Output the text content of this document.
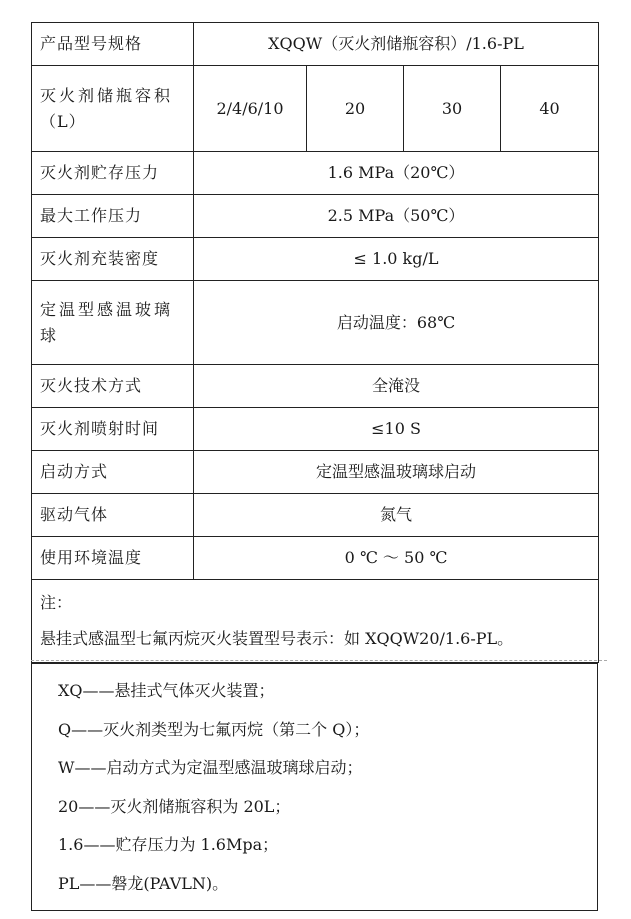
产品型号规格	XQQW（灭火剂储瓶容积）/1.6-PL			

灭火剂储瓶容积
（L）	2/4/6/10	20	30	40
灭火剂贮存压力	1.6 MPa（20℃）			
最大工作压力	2.5 MPa（50℃）			
灭火剂充装密度	≤ 1.0 kg/L			

定温型感温玻璃
球	启动温度：68℃			
灭火技术方式	全淹没			
灭火剂喷射时间	≤10 S			
启动方式	定温型感温玻璃球启动			
驱动气体	氮气			
使用环境温度	0 ℃ ～ 50 ℃			

注：
悬挂式感温型七氟丙烷灭火装置型号表示：如 XQQW20/1.6-PL。				
XQ——悬挂式气体灭火装置；
Q——灭火剂类型为七氟丙烷（第二个 Q）；
W——启动方式为定温型感温玻璃球启动；
20——灭火剂储瓶容积为 20L；
1.6——贮存压力为 1.6Mpa；
PL——磐龙(PAVLN)。
